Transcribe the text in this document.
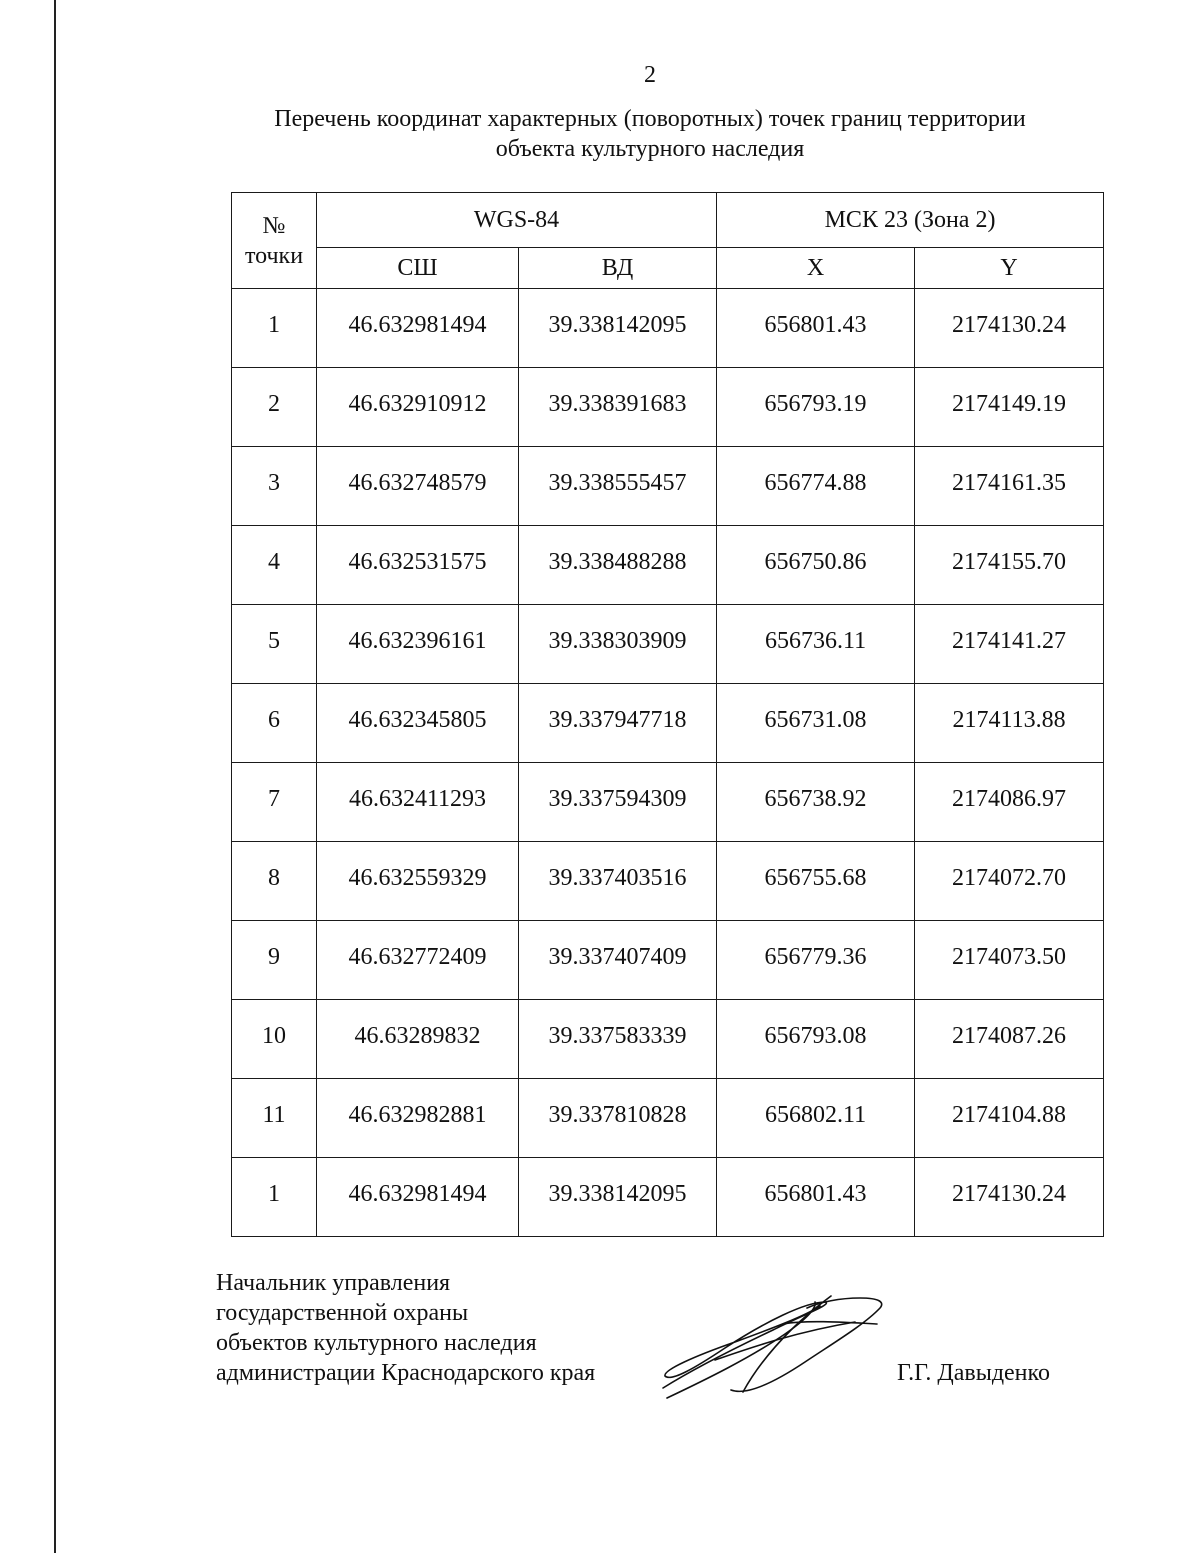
2
Перечень координат характерных (поворотных) точек границ территории
объекта культурного наследия
№
точки	WGS-84		МСК 23 (Зона 2)	
	СШ	ВД	X	Y
1	46.632981494	39.338142095	656801.43	2174130.24
2	46.632910912	39.338391683	656793.19	2174149.19
3	46.632748579	39.338555457	656774.88	2174161.35
4	46.632531575	39.338488288	656750.86	2174155.70
5	46.632396161	39.338303909	656736.11	2174141.27
6	46.632345805	39.337947718	656731.08	2174113.88
7	46.632411293	39.337594309	656738.92	2174086.97
8	46.632559329	39.337403516	656755.68	2174072.70
9	46.632772409	39.337407409	656779.36	2174073.50
10	46.63289832	39.337583339	656793.08	2174087.26
11	46.632982881	39.337810828	656802.11	2174104.88
1	46.632981494	39.338142095	656801.43	2174130.24
Начальник управления
государственной охраны
объектов культурного наследия
администрации Краснодарского края	Г.Г. Давыденко
